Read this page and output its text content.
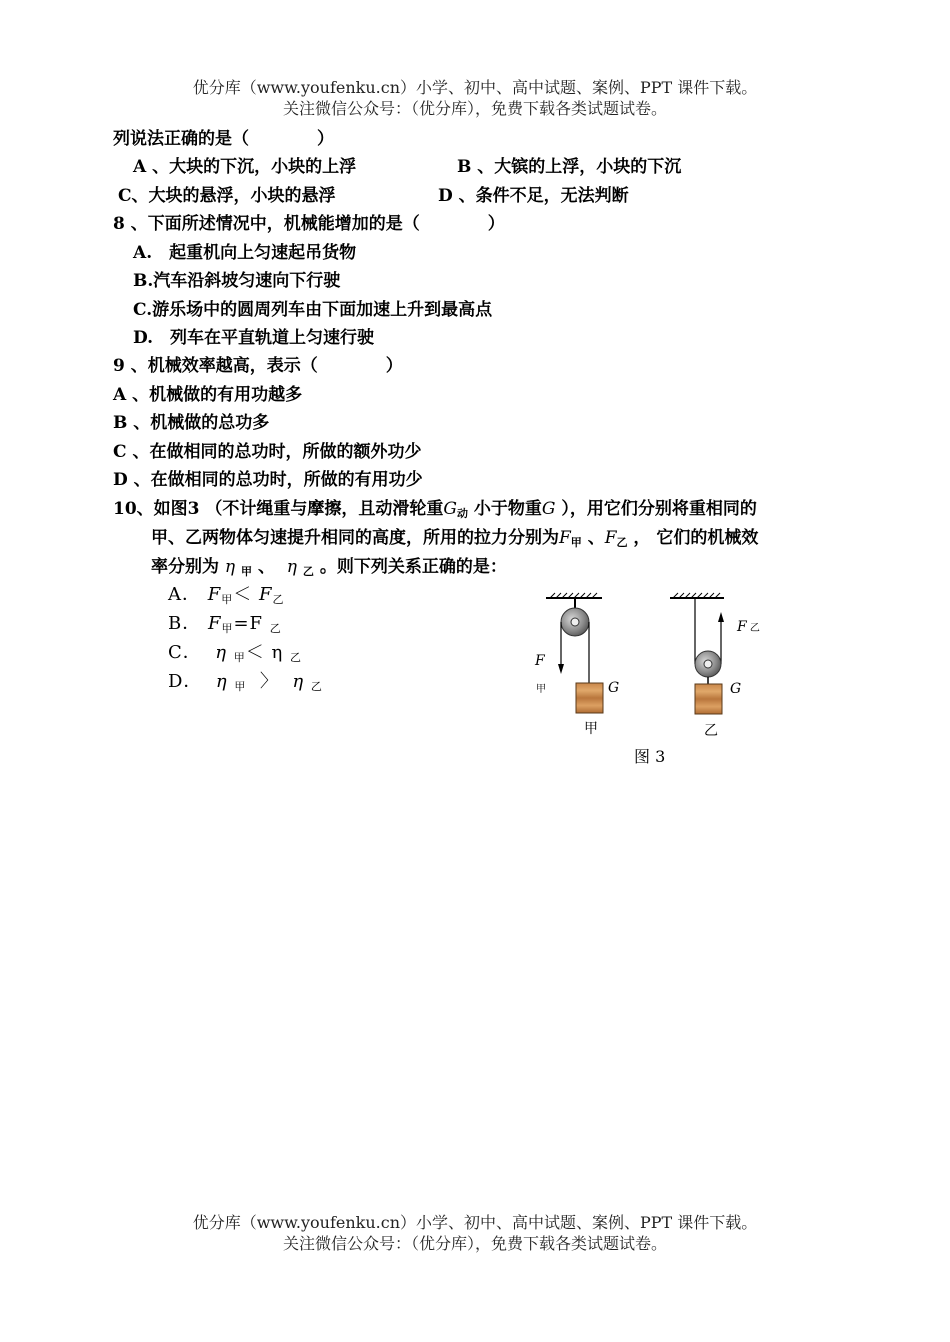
优分库（www.youfenku.cn）小学、初中、高中试题、案例、PPT 课件下载。
关注微信公众号：（优分库），免费下载各类试题试卷。
列说法正确的是（　　　　）
A 、大块的下沉，小块的上浮	B 、大镔的上浮，小块的下沉
C、大块的悬浮，小块的悬浮	D 、条件不足，无法判断
8 、下面所述情况中，机械能增加的是（　　　　）
A.　起重机向上匀速起吊货物
B.汽车沿斜坡匀速向下行驶
C.游乐场中的圆周列车由下面加速上升到最高点
D.　列车在平直轨道上匀速行驶
9 、机械效率越高，表示（　　　　）
A 、机械做的有用功越多
B 、机械做的总功多
C 、在做相同的总功时，所做的额外功少
D 、在做相同的总功时，所做的有用功少
10、如图3 （不计绳重与摩擦，且动滑轮重$G_动$ 小于物重G ），用它们分别将重相同的
甲、乙两物体匀速提升相同的高度，所用的拉力分别为$F_甲$ 、$F_乙$ ， 它们的机械效
率分别为 η $_甲$ 、 η $_乙$ 。则下列关系正确的是：
A． $F_甲< F_乙$
B． $F_甲=F$ $_乙$
C． η $_甲$＜ η $_乙$
D． η $_甲$ 〉 η $_乙$
F
甲	G
甲
F 乙
G
乙
图 3
优分库（www.youfenku.cn）小学、初中、高中试题、案例、PPT 课件下载。
关注微信公众号：（优分库），免费下载各类试题试卷。
